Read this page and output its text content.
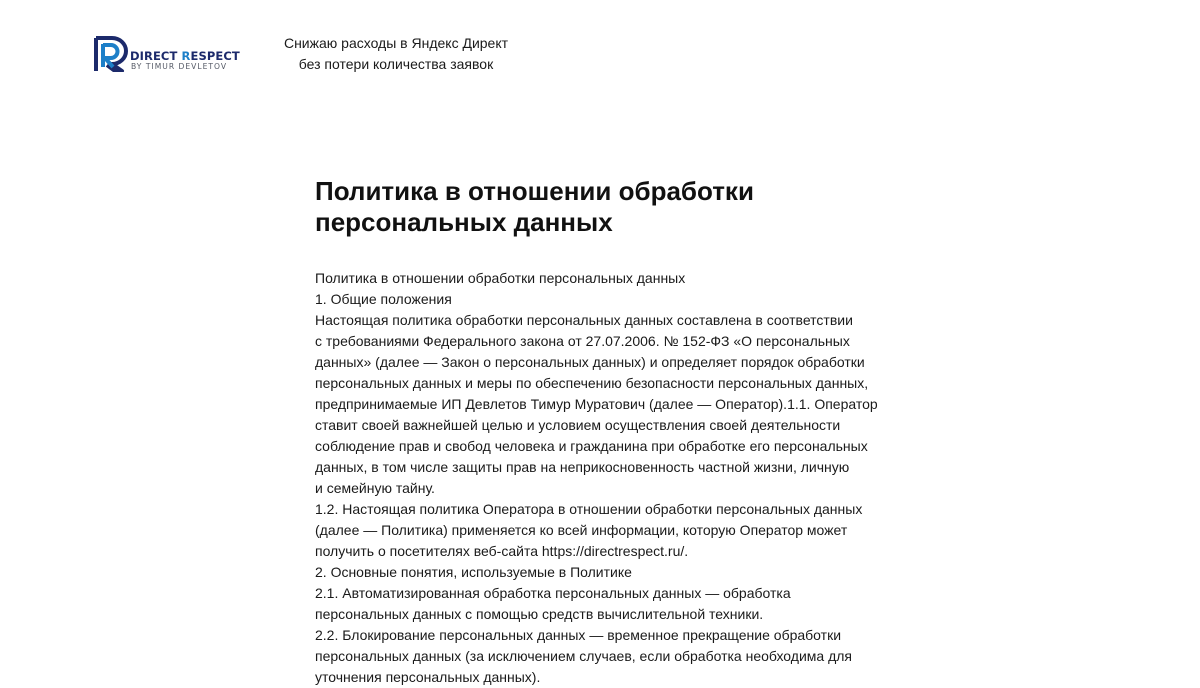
DIRECT RESPECT
BY TIMUR DEVLETOV
Снижаю расходы в Яндекс Директ
без потери количества заявок
Политика в отношении обработки персональных данных
Политика в отношении обработки персональных данных
1. Общие положения
Настоящая политика обработки персональных данных составлена в соответствии
с требованиями Федерального закона от 27.07.2006. № 152-ФЗ «О персональных
данных» (далее — Закон о персональных данных) и определяет порядок обработки
персональных данных и меры по обеспечению безопасности персональных данных,
предпринимаемые ИП Девлетов Тимур Муратович (далее — Оператор).1.1. Оператор
ставит своей важнейшей целью и условием осуществления своей деятельности
соблюдение прав и свобод человека и гражданина при обработке его персональных
данных, в том числе защиты прав на неприкосновенность частной жизни, личную
и семейную тайну.
1.2. Настоящая политика Оператора в отношении обработки персональных данных
(далее — Политика) применяется ко всей информации, которую Оператор может
получить о посетителях веб-сайта https://directrespect.ru/.
2. Основные понятия, используемые в Политике
2.1. Автоматизированная обработка персональных данных — обработка
персональных данных с помощью средств вычислительной техники.
2.2. Блокирование персональных данных — временное прекращение обработки
персональных данных (за исключением случаев, если обработка необходима для
уточнения персональных данных).
